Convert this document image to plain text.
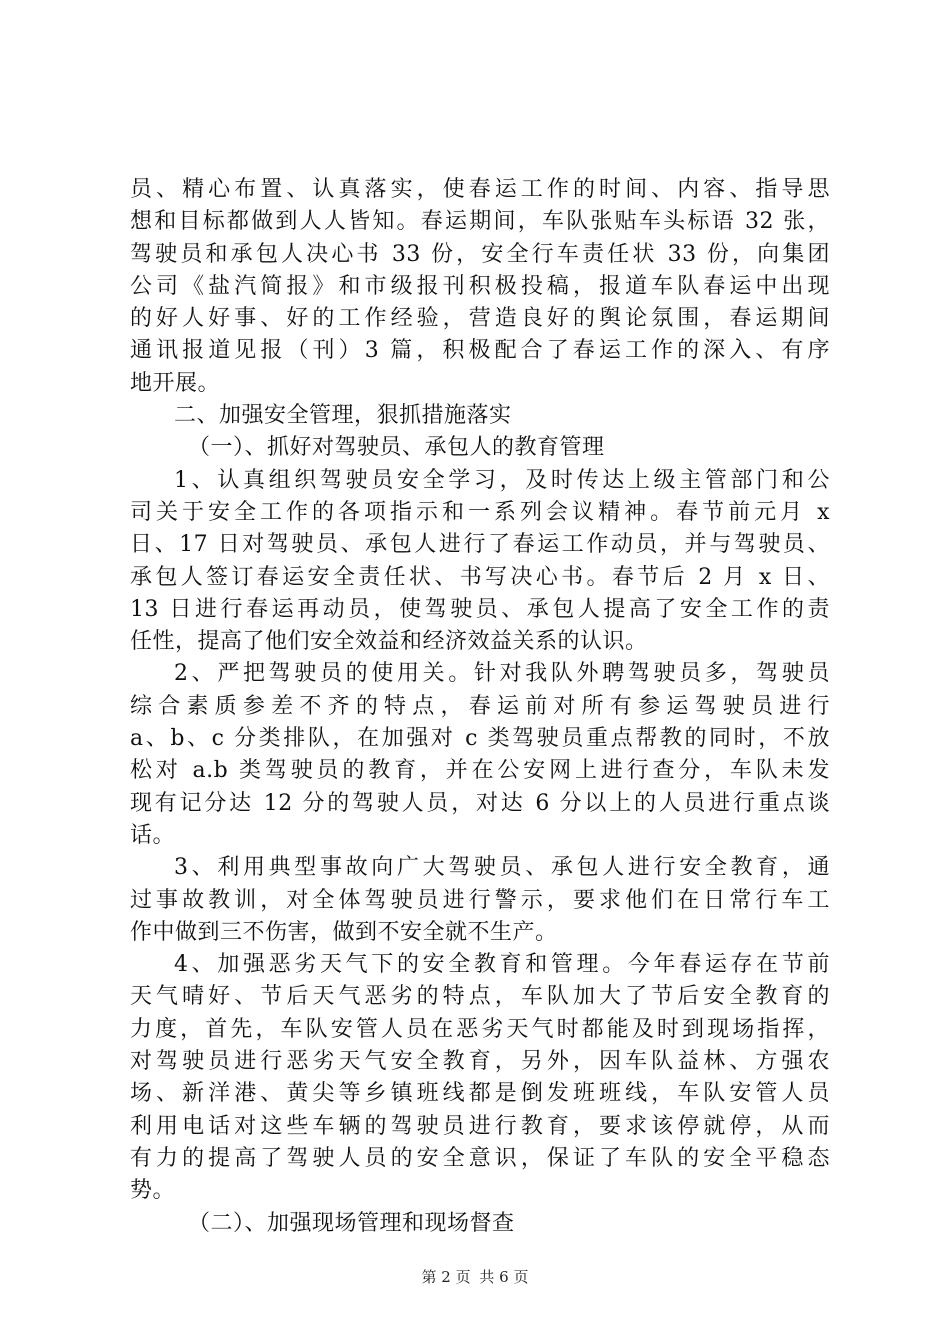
员、精心布置、认真落实，使春运工作的时间、内容、指导思
想和目标都做到人人皆知。春运期间，车队张贴车头标语 32 张，
驾驶员和承包人决心书 33 份，安全行车责任状 33 份，向集团
公司《盐汽简报》和市级报刊积极投稿，报道车队春运中出现
的好人好事、好的工作经验，营造良好的舆论氛围，春运期间
通讯报道见报（刊）3 篇，积极配合了春运工作的深入、有序
地开展。
二、加强安全管理，狠抓措施落实
（一）、抓好对驾驶员、承包人的教育管理
1、认真组织驾驶员安全学习，及时传达上级主管部门和公
司关于安全工作的各项指示和一系列会议精神。春节前元月 x
日、17 日对驾驶员、承包人进行了春运工作动员，并与驾驶员、
承包人签订春运安全责任状、书写决心书。春节后 2 月 x 日、
13 日进行春运再动员，使驾驶员、承包人提高了安全工作的责
任性，提高了他们安全效益和经济效益关系的认识。
2、严把驾驶员的使用关。针对我队外聘驾驶员多，驾驶员
综合素质参差不齐的特点，春运前对所有参运驾驶员进行
a、b、c 分类排队，在加强对 c 类驾驶员重点帮教的同时，不放
松对 a.b 类驾驶员的教育，并在公安网上进行查分，车队未发
现有记分达 12 分的驾驶人员，对达 6 分以上的人员进行重点谈
话。
3、利用典型事故向广大驾驶员、承包人进行安全教育，通
过事故教训，对全体驾驶员进行警示，要求他们在日常行车工
作中做到三不伤害，做到不安全就不生产。
4、加强恶劣天气下的安全教育和管理。今年春运存在节前
天气晴好、节后天气恶劣的特点，车队加大了节后安全教育的
力度，首先，车队安管人员在恶劣天气时都能及时到现场指挥，
对驾驶员进行恶劣天气安全教育，另外，因车队益林、方强农
场、新洋港、黄尖等乡镇班线都是倒发班班线，车队安管人员
利用电话对这些车辆的驾驶员进行教育，要求该停就停，从而
有力的提高了驾驶人员的安全意识，保证了车队的安全平稳态
势。
（二）、加强现场管理和现场督查
第 2 页 共 6 页
